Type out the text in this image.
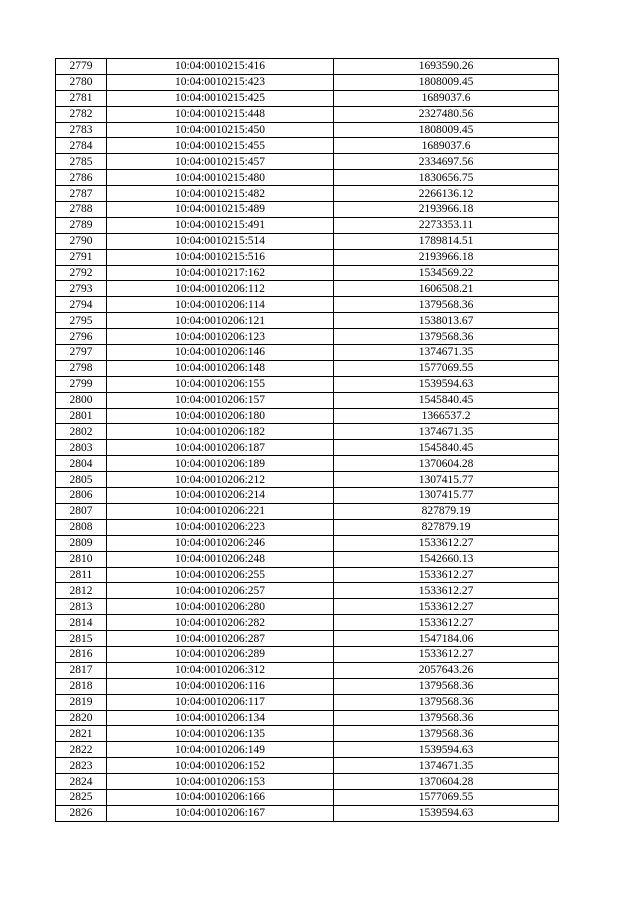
2779	10:04:0010215:416	1693590.26
2780	10:04:0010215:423	1808009.45
2781	10:04:0010215:425	1689037.6
2782	10:04:0010215:448	2327480.56
2783	10:04:0010215:450	1808009.45
2784	10:04:0010215:455	1689037.6
2785	10:04:0010215:457	2334697.56
2786	10:04:0010215:480	1830656.75
2787	10:04:0010215:482	2266136.12
2788	10:04:0010215:489	2193966.18
2789	10:04:0010215:491	2273353.11
2790	10:04:0010215:514	1789814.51
2791	10:04:0010215:516	2193966.18
2792	10:04:0010217:162	1534569.22
2793	10:04:0010206:112	1606508.21
2794	10:04:0010206:114	1379568.36
2795	10:04:0010206:121	1538013.67
2796	10:04:0010206:123	1379568.36
2797	10:04:0010206:146	1374671.35
2798	10:04:0010206:148	1577069.55
2799	10:04:0010206:155	1539594.63
2800	10:04:0010206:157	1545840.45
2801	10:04:0010206:180	1366537.2
2802	10:04:0010206:182	1374671.35
2803	10:04:0010206:187	1545840.45
2804	10:04:0010206:189	1370604.28
2805	10:04:0010206:212	1307415.77
2806	10:04:0010206:214	1307415.77
2807	10:04:0010206:221	827879.19
2808	10:04:0010206:223	827879.19
2809	10:04:0010206:246	1533612.27
2810	10:04:0010206:248	1542660.13
2811	10:04:0010206:255	1533612.27
2812	10:04:0010206:257	1533612.27
2813	10:04:0010206:280	1533612.27
2814	10:04:0010206:282	1533612.27
2815	10:04:0010206:287	1547184.06
2816	10:04:0010206:289	1533612.27
2817	10:04:0010206:312	2057643.26
2818	10:04:0010206:116	1379568.36
2819	10:04:0010206:117	1379568.36
2820	10:04:0010206:134	1379568.36
2821	10:04:0010206:135	1379568.36
2822	10:04:0010206:149	1539594.63
2823	10:04:0010206:152	1374671.35
2824	10:04:0010206:153	1370604.28
2825	10:04:0010206:166	1577069.55
2826	10:04:0010206:167	1539594.63
